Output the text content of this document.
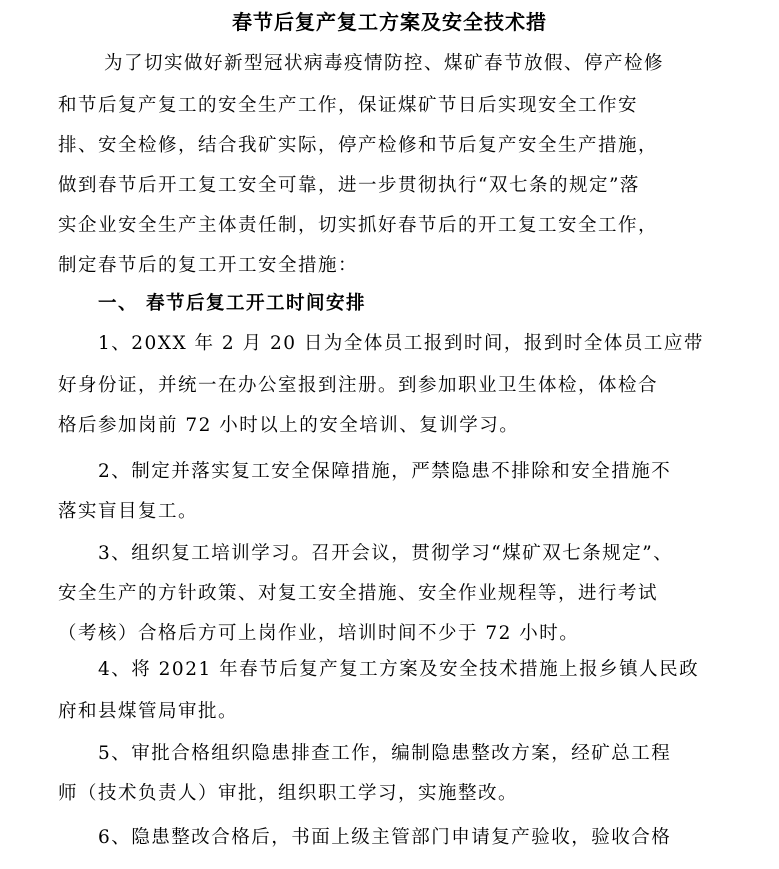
春节后复产复工方案及安全技术措
为了切实做好新型冠状病毒疫情防控、煤矿春节放假、停产检修
和节后复产复工的安全生产工作，保证煤矿节日后实现安全工作安
排、安全检修，结合我矿实际，停产检修和节后复产安全生产措施，
做到春节后开工复工安全可靠，进一步贯彻执行“双七条的规定”落
实企业安全生产主体责任制，切实抓好春节后的开工复工安全工作，
制定春节后的复工开工安全措施：
一、 春节后复工开工时间安排
1、20XX 年 2 月 20 日为全体员工报到时间，报到时全体员工应带
好身份证，并统一在办公室报到注册。到参加职业卫生体检，体检合
格后参加岗前 72 小时以上的安全培训、复训学习。
2、制定并落实复工安全保障措施，严禁隐患不排除和安全措施不
落实盲目复工。
3、组织复工培训学习。召开会议，贯彻学习“煤矿双七条规定”、
安全生产的方针政策、对复工安全措施、安全作业规程等，进行考试
（考核）合格后方可上岗作业，培训时间不少于 72 小时。
4、将 2021 年春节后复产复工方案及安全技术措施上报乡镇人民政
府和县煤管局审批。
5、审批合格组织隐患排查工作，编制隐患整改方案，经矿总工程
师（技术负责人）审批，组织职工学习，实施整改。
6、隐患整改合格后，书面上级主管部门申请复产验收，验收合格
